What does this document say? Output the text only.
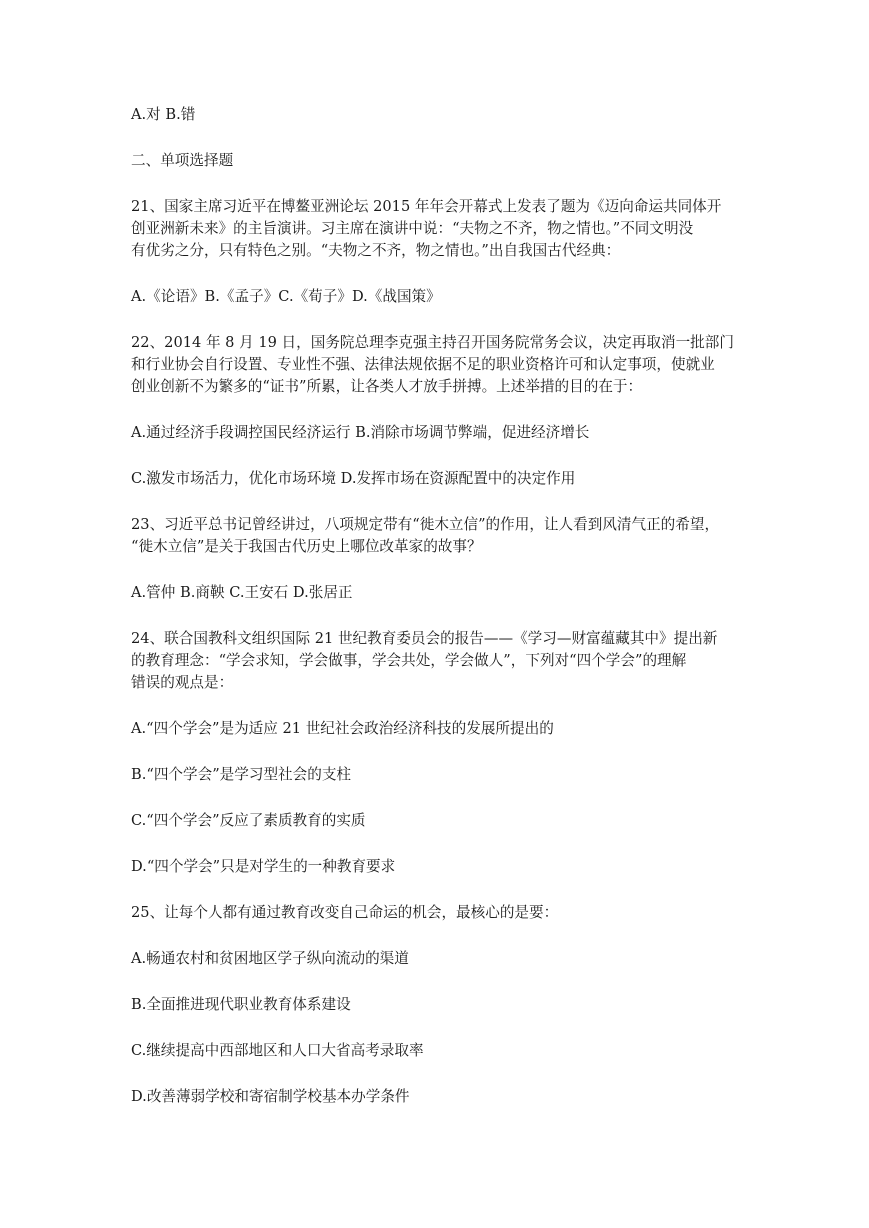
A.对 B.错

二、单项选择题

21、国家主席习近平在博鳌亚洲论坛 2015 年年会开幕式上发表了题为《迈向命运共同体开

创亚洲新未来》的主旨演讲。习主席在演讲中说：“夫物之不齐，物之情也。”不同文明没

有优劣之分，只有特色之别。“夫物之不齐，物之情也。”出自我国古代经典：

A.《论语》B.《孟子》C.《荀子》D.《战国策》

22、2014 年 8 月 19 日，国务院总理李克强主持召开国务院常务会议，决定再取消一批部门

和行业协会自行设置、专业性不强、法律法规依据不足的职业资格许可和认定事项，使就业

创业创新不为繁多的“证书”所累，让各类人才放手拼搏。上述举措的目的在于：

A.通过经济手段调控国民经济运行 B.消除市场调节弊端，促进经济增长

C.激发市场活力，优化市场环境 D.发挥市场在资源配置中的决定作用

23、习近平总书记曾经讲过，八项规定带有“徙木立信”的作用，让人看到风清气正的希望，

“徙木立信”是关于我国古代历史上哪位改革家的故事？

A.管仲 B.商鞅 C.王安石 D.张居正

24、联合国教科文组织国际 21 世纪教育委员会的报告——《学习—财富蕴藏其中》提出新

的教育理念：“学会求知，学会做事，学会共处，学会做人”，下列对“四个学会”的理解

错误的观点是：

A.“四个学会”是为适应 21 世纪社会政治经济科技的发展所提出的

B.“四个学会”是学习型社会的支柱

C.“四个学会”反应了素质教育的实质

D.“四个学会”只是对学生的一种教育要求

25、让每个人都有通过教育改变自己命运的机会，最核心的是要：

A.畅通农村和贫困地区学子纵向流动的渠道

B.全面推进现代职业教育体系建设

C.继续提高中西部地区和人口大省高考录取率

D.改善薄弱学校和寄宿制学校基本办学条件
